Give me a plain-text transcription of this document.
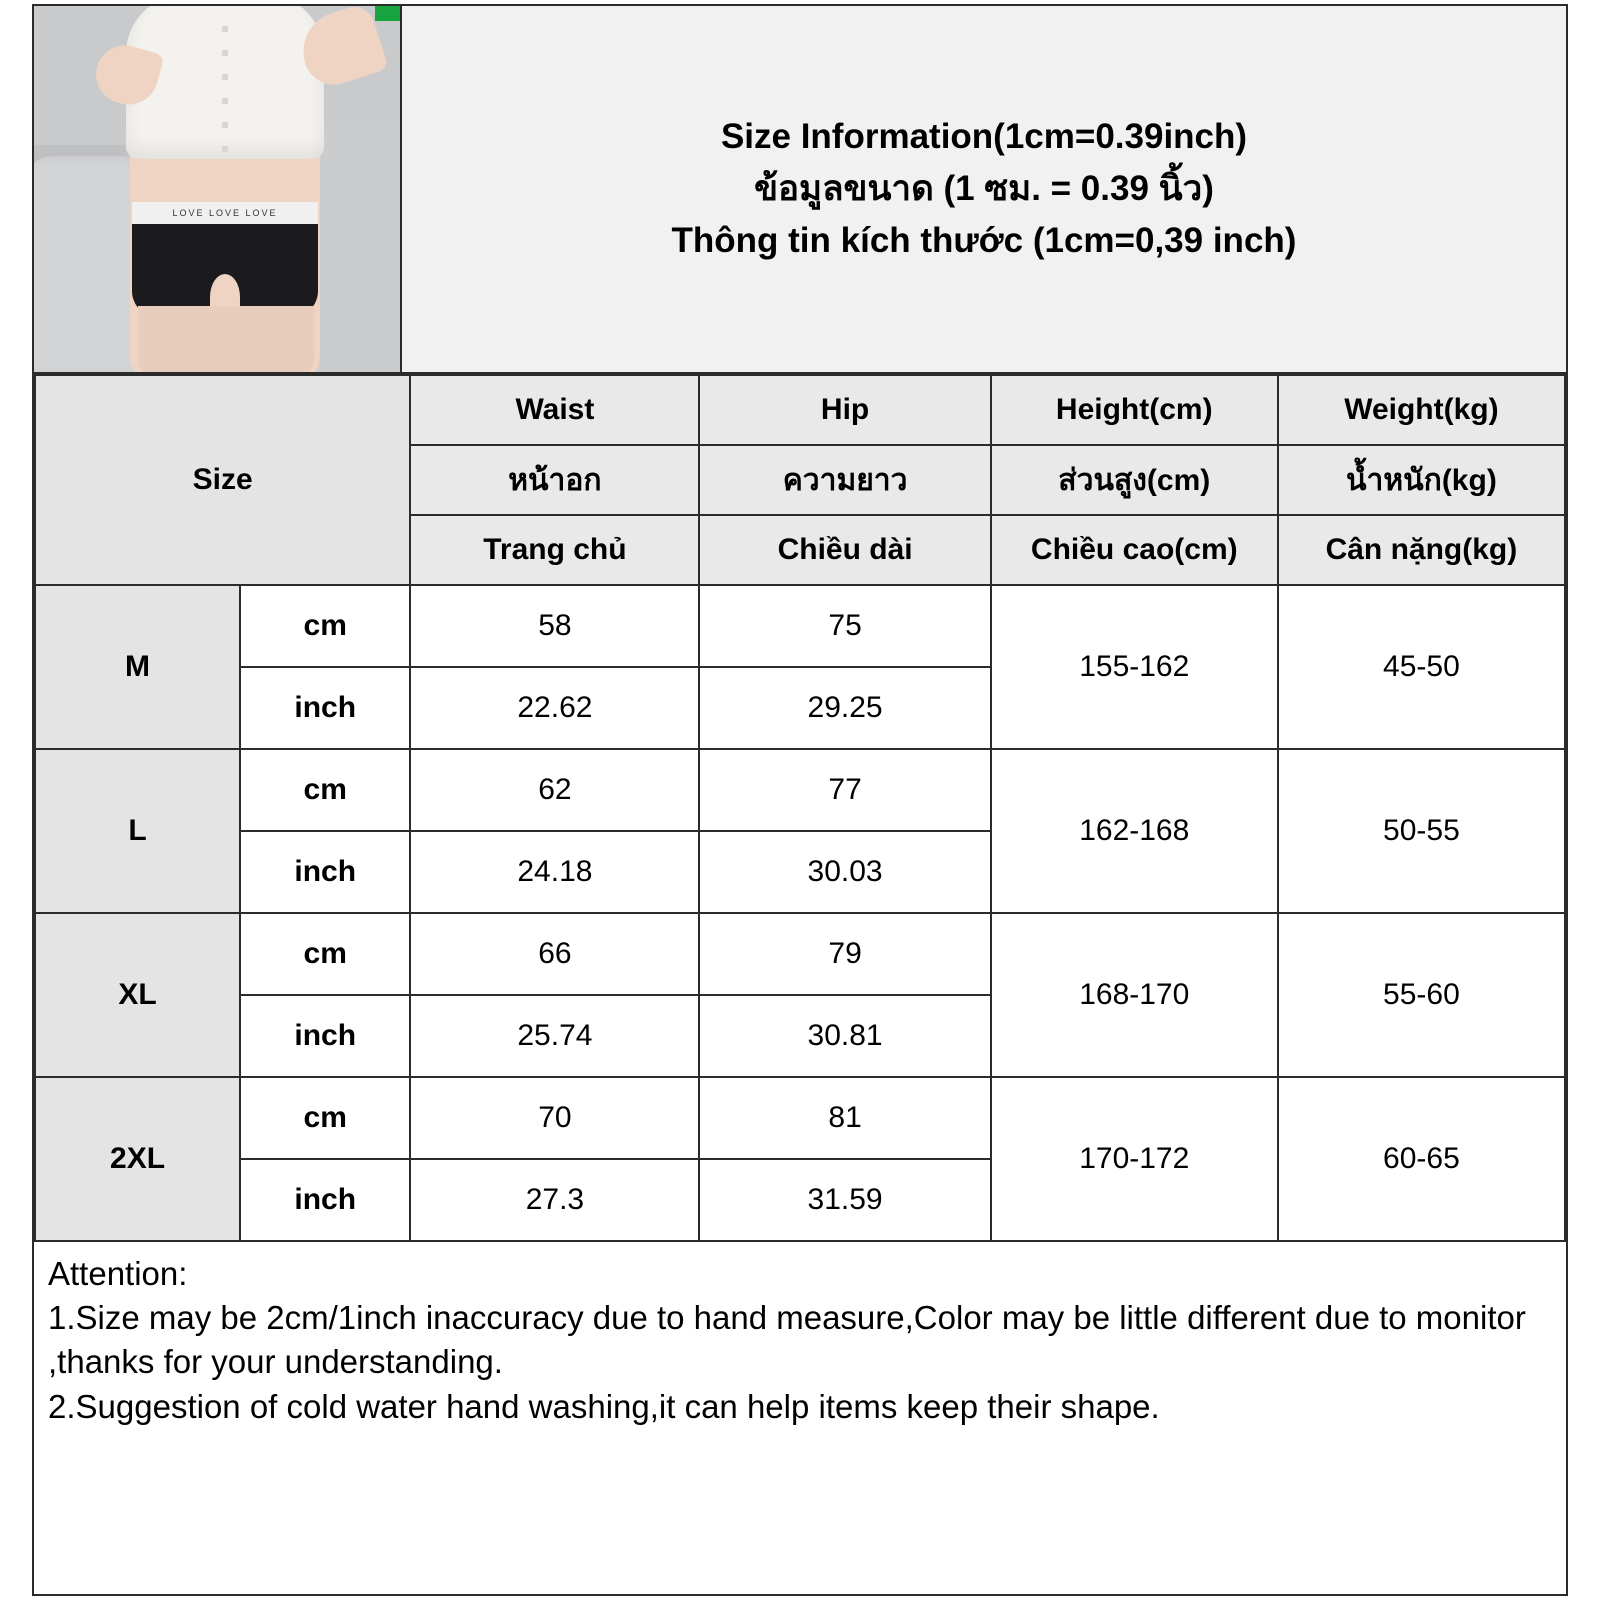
LOVE LOVE LOVE
Size Information(1cm=0.39inch)
ข้อมูลขนาด (1 ซม. = 0.39 นิ้ว)
Thông tin kích thước (1cm=0,39 inch)
Size		Waist	Hip	Height(cm)	Weight(kg)
		หน้าอก	ความยาว	ส่วนสูง(cm)	น้ำหนัก(kg)
		Trang chủ	Chiều dài	Chiều cao(cm)	Cân nặng(kg)
M	cm	58	75	155-162	45-50
	inch	22.62	29.25		
L	cm	62	77	162-168	50-55
	inch	24.18	30.03		
XL	cm	66	79	168-170	55-60
	inch	25.74	30.81		
2XL	cm	70	81	170-172	60-65
	inch	27.3	31.59		
Attention:
1.Size may be 2cm/1inch inaccuracy due to hand measure,Color may be little different due to monitor ,thanks for your understanding.
2.Suggestion of cold water hand washing,it can help items keep their shape.
